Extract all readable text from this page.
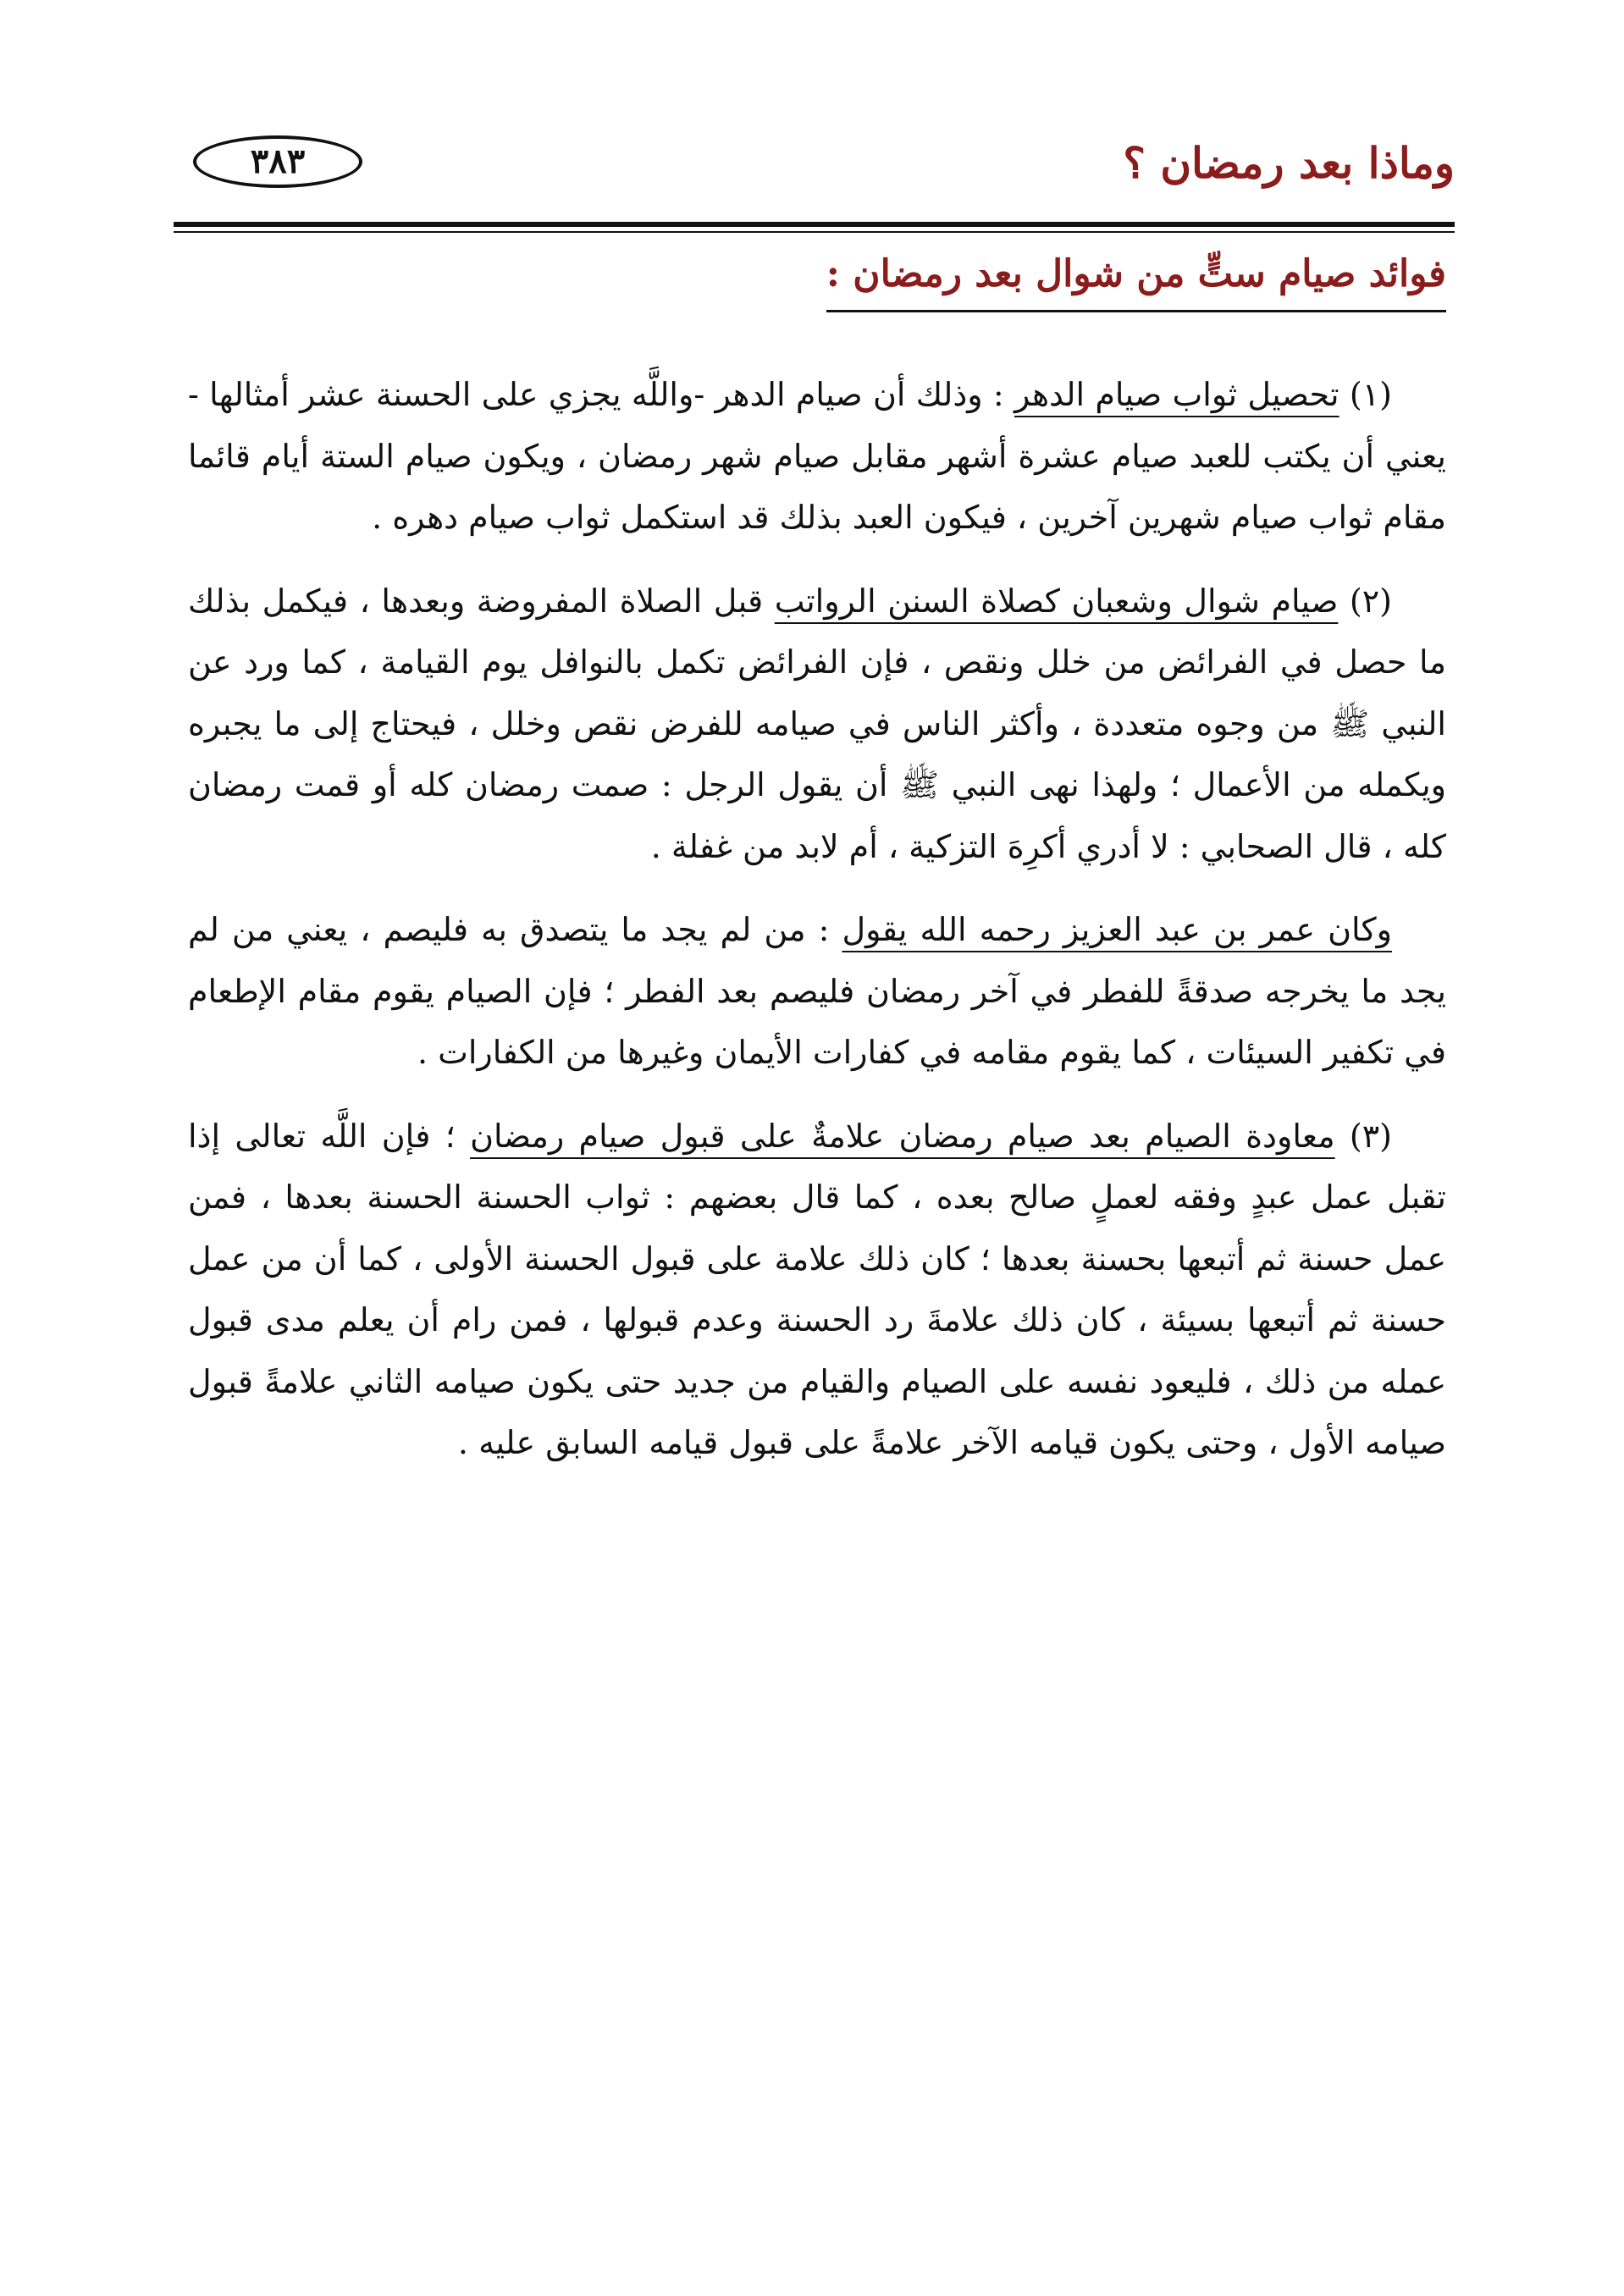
وماذا بعد رمضان ؟
٣٨٣
فوائد صيام ستٍّ من شوال بعد رمضان :

(١) تحصيل ثواب صيام الدهر : وذلك أن صيام الدهر -واللَّه يجزي على الحسنة عشر أمثالها - يعني أن يكتب للعبد صيام عشرة أشهر مقابل صيام شهر رمضان ، ويكون صيام الستة أيام قائما مقام ثواب صيام شهرين آخرين ، فيكون العبد بذلك قد استكمل ثواب صيام دهره .

(٢) صيام شوال وشعبان كصلاة السنن الرواتب قبل الصلاة المفروضة وبعدها ، فيكمل بذلك ما حصل في الفرائض من خلل ونقص ، فإن الفرائض تكمل بالنوافل يوم القيامة ، كما ورد عن النبي ﷺ من وجوه متعددة ، وأكثر الناس في صيامه للفرض نقص وخلل ، فيحتاج إلى ما يجبره ويكمله من الأعمال ؛ ولهذا نهى النبي ﷺ أن يقول الرجل : صمت رمضان كله أو قمت رمضان كله ، قال الصحابي : لا أدري أكرِهَ التزكية ، أم لابد من غفلة .

وكان عمر بن عبد العزيز رحمه الله يقول : من لم يجد ما يتصدق به فليصم ، يعني من لم يجد ما يخرجه صدقةً للفطر في آخر رمضان فليصم بعد الفطر ؛ فإن الصيام يقوم مقام الإطعام في تكفير السيئات ، كما يقوم مقامه في كفارات الأيمان وغيرها من الكفارات .

(٣) معاودة الصيام بعد صيام رمضان علامةٌ على قبول صيام رمضان ؛ فإن اللَّه تعالى إذا تقبل عمل عبدٍ وفقه لعملٍ صالح بعده ، كما قال بعضهم : ثواب الحسنة الحسنة بعدها ، فمن عمل حسنة ثم أتبعها بحسنة بعدها ؛ كان ذلك علامة على قبول الحسنة الأولى ، كما أن من عمل حسنة ثم أتبعها بسيئة ، كان ذلك علامةَ رد الحسنة وعدم قبولها ، فمن رام أن يعلم مدى قبول عمله من ذلك ، فليعود نفسه على الصيام والقيام من جديد حتى يكون صيامه الثاني علامةً قبول صيامه الأول ، وحتى يكون قيامه الآخر علامةً على قبول قيامه السابق عليه .
